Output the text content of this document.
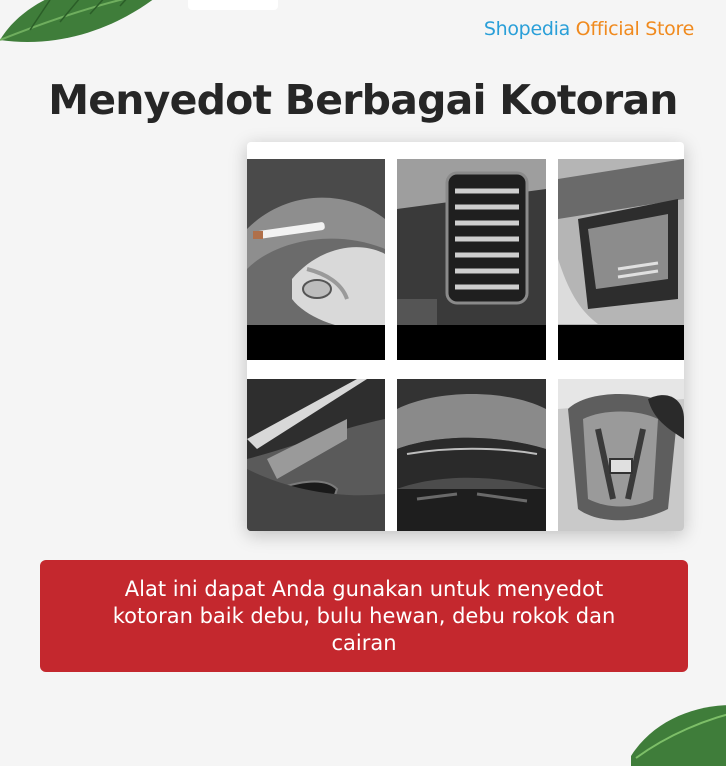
Shopedia Official Store
Menyedot Berbagai Kotoran
Alat ini dapat Anda gunakan untuk menyedot kotoran baik debu, bulu hewan, debu rokok dan cairan
